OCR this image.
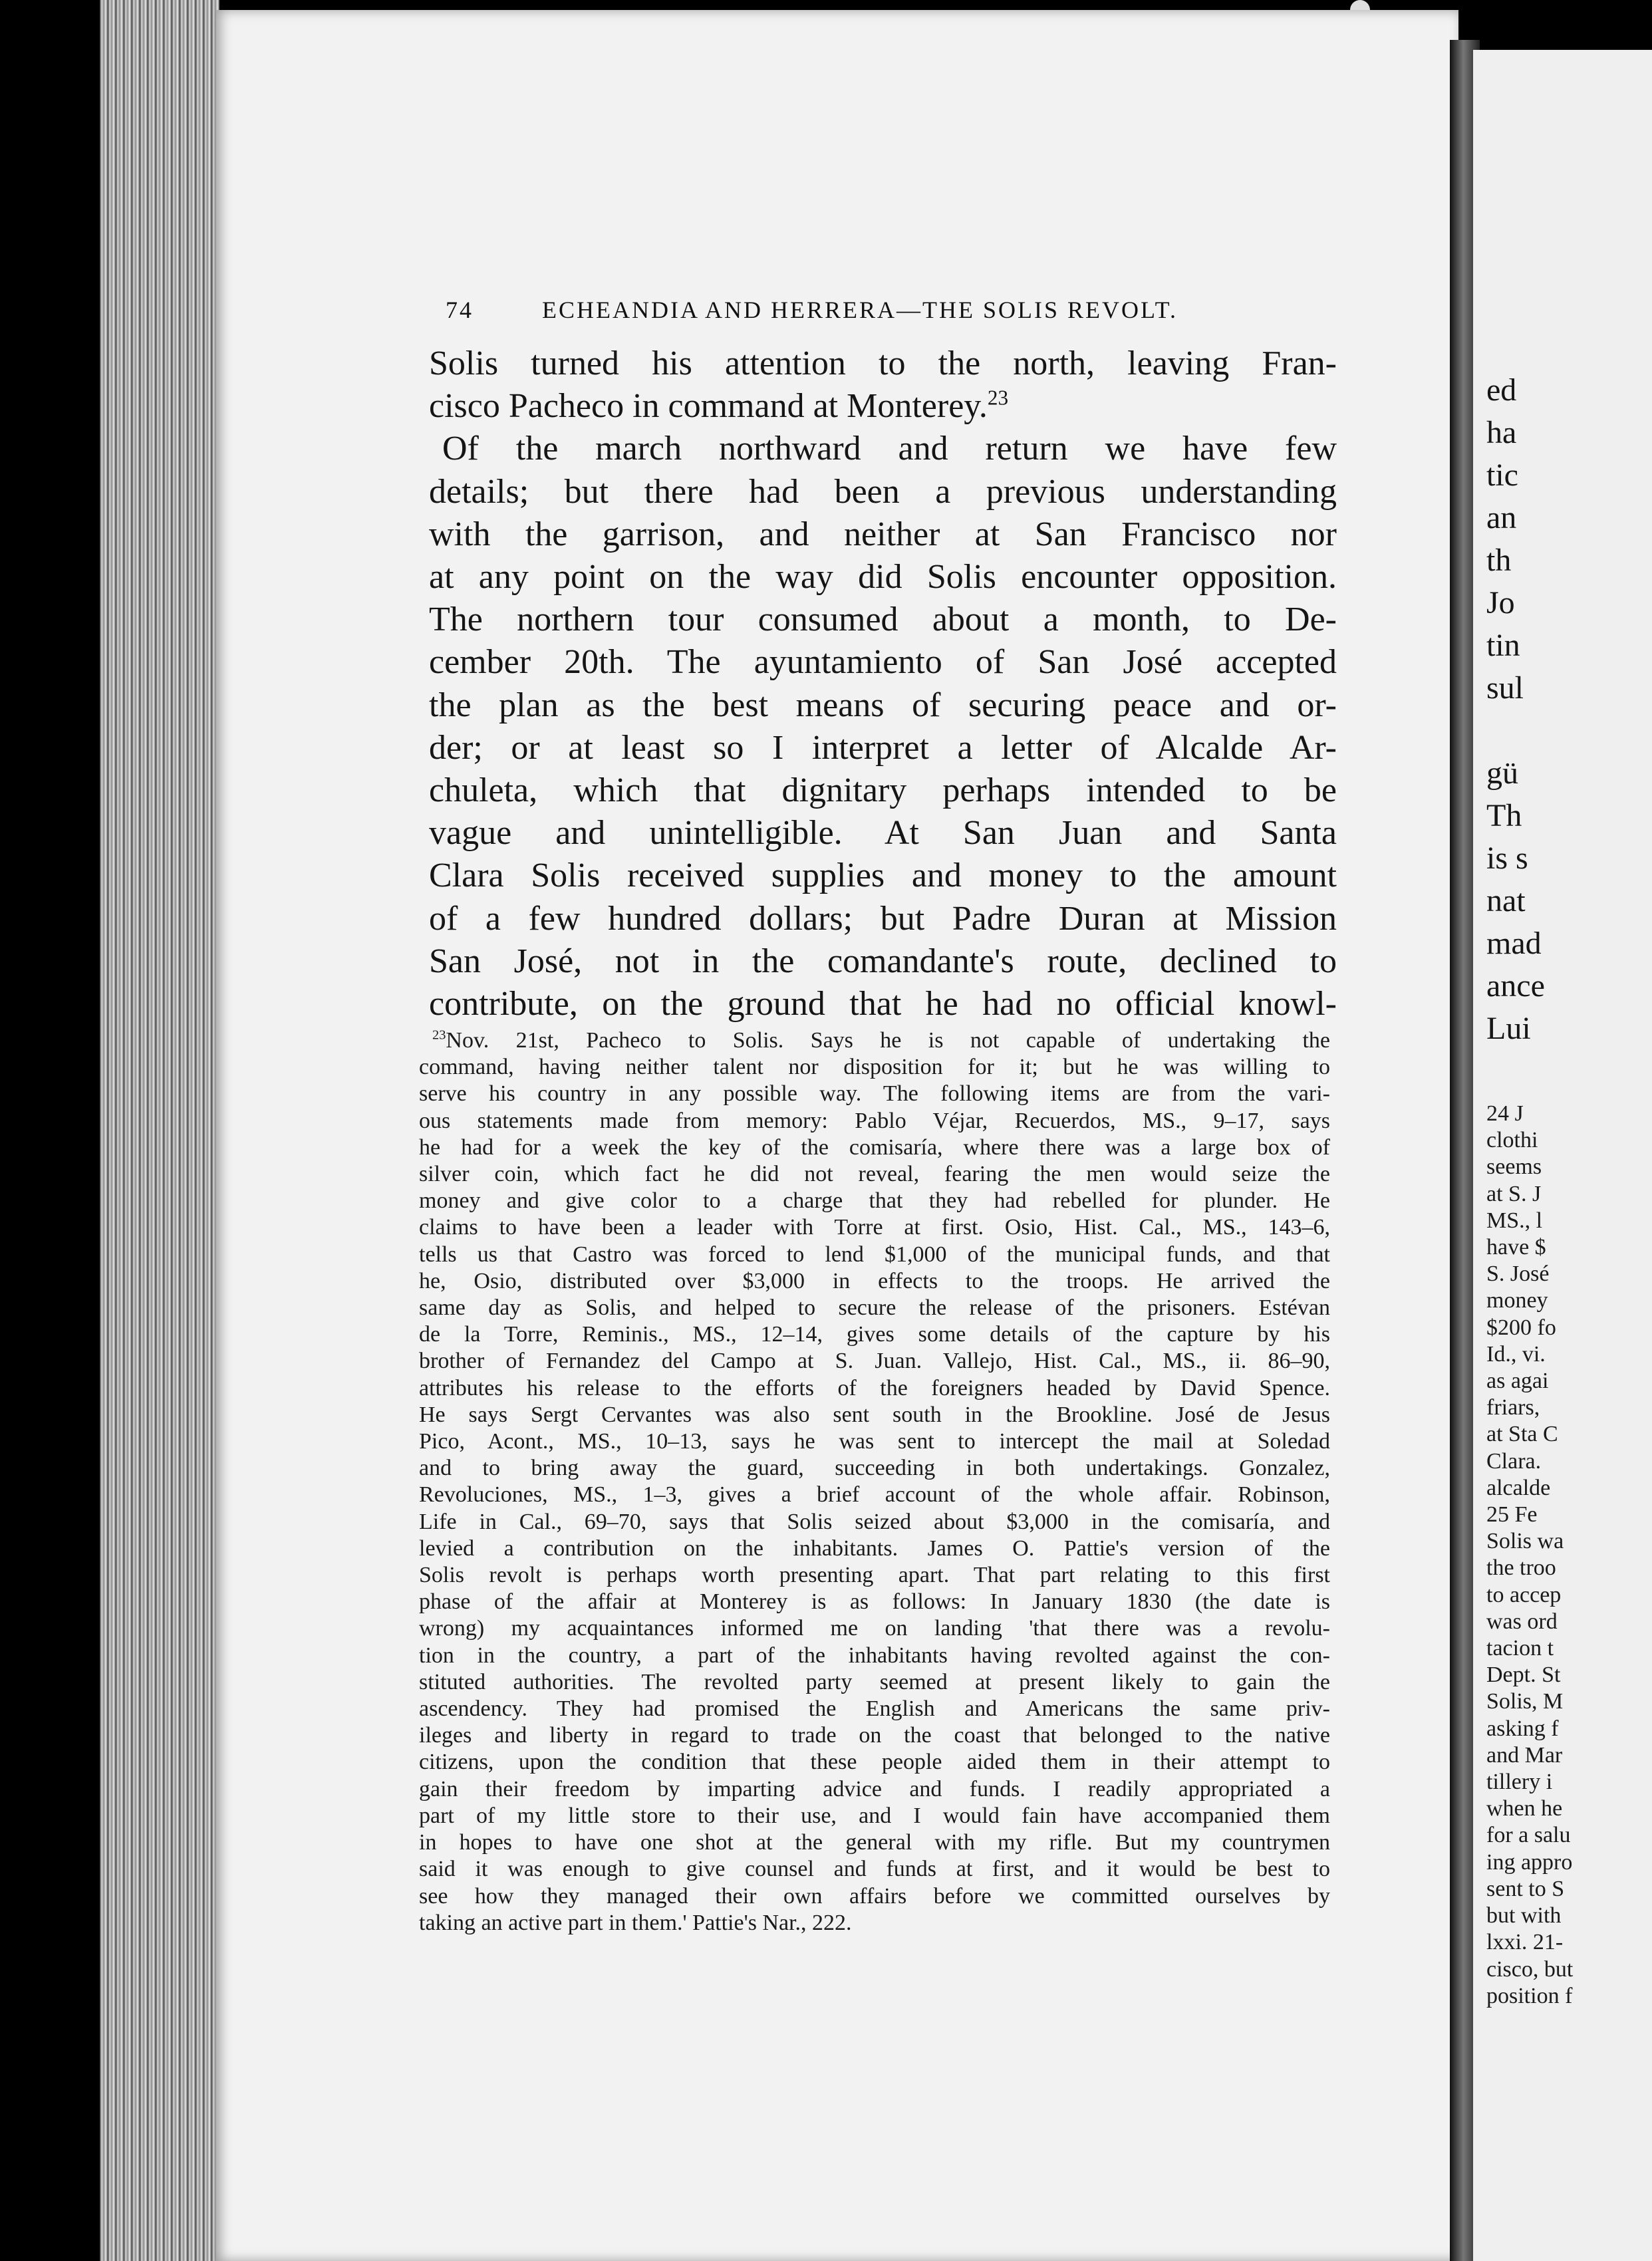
74	ECHEANDIA AND HERRERA—THE SOLIS REVOLT.
Solis turned his attention to the north, leaving Fran-
cisco Pacheco in command at Monterey.$^{23}$
Of the march northward and return we have few
details; but there had been a previous understanding
with the garrison, and neither at San Francisco nor
at any point on the way did Solis encounter opposition.
The northern tour consumed about a month, to De-
cember 20th. The ayuntamiento of San José accepted
the plan as the best means of securing peace and or-
der; or at least so I interpret a letter of Alcalde Ar-
chuleta, which that dignitary perhaps intended to be
vague and unintelligible. At San Juan and Santa
Clara Solis received supplies and money to the amount
of a few hundred dollars; but Padre Duran at Mission
San José, not in the comandante's route, declined to
contribute, on the ground that he had no official knowl-
$^{23}$Nov. 21st, Pacheco to Solis. Says he is not capable of undertaking the
command, having neither talent nor disposition for it; but he was willing to
serve his country in any possible way. The following items are from the vari-
ous statements made from memory: Pablo Véjar, Recuerdos, MS., 9–17, says
he had for a week the key of the comisaría, where there was a large box of
silver coin, which fact he did not reveal, fearing the men would seize the
money and give color to a charge that they had rebelled for plunder. He
claims to have been a leader with Torre at first. Osio, Hist. Cal., MS., 143–6,
tells us that Castro was forced to lend $1,000 of the municipal funds, and that
he, Osio, distributed over $3,000 in effects to the troops. He arrived the
same day as Solis, and helped to secure the release of the prisoners. Estévan
de la Torre, Reminis., MS., 12–14, gives some details of the capture by his
brother of Fernandez del Campo at S. Juan. Vallejo, Hist. Cal., MS., ii. 86–90,
attributes his release to the efforts of the foreigners headed by David Spence.
He says Sergt Cervantes was also sent south in the Brookline. José de Jesus
Pico, Acont., MS., 10–13, says he was sent to intercept the mail at Soledad
and to bring away the guard, succeeding in both undertakings. Gonzalez,
Revoluciones, MS., 1–3, gives a brief account of the whole affair. Robinson,
Life in Cal., 69–70, says that Solis seized about $3,000 in the comisaría, and
levied a contribution on the inhabitants. James O. Pattie's version of the
Solis revolt is perhaps worth presenting apart. That part relating to this first
phase of the affair at Monterey is as follows: In January 1830 (the date is
wrong) my acquaintances informed me on landing 'that there was a revolu-
tion in the country, a part of the inhabitants having revolted against the con-
stituted authorities. The revolted party seemed at present likely to gain the
ascendency. They had promised the English and Americans the same priv-
ileges and liberty in regard to trade on the coast that belonged to the native
citizens, upon the condition that these people aided them in their attempt to
gain their freedom by imparting advice and funds. I readily appropriated a
part of my little store to their use, and I would fain have accompanied them
in hopes to have one shot at the general with my rifle. But my countrymen
said it was enough to give counsel and funds at first, and it would be best to
see how they managed their own affairs before we committed ourselves by
taking an active part in them.' Pattie's Nar., 222.
ed
ha
tic
an
th
Jo
tin
sul

gü
Th
is s
nat
mad
ance
Lui
24 J
clothi
seems
at S. J
MS., l
have $
S. José
money
$200 fo
Id., vi.
as agai
friars,
at Sta C
Clara.
alcalde
25 Fe
Solis wa
the troo
to accep
was ord
tacion t
Dept. St
Solis, M
asking f
and Mar
tillery i
when he
for a salu
ing appro
sent to S
but with
lxxi. 21-
cisco, but
position f
